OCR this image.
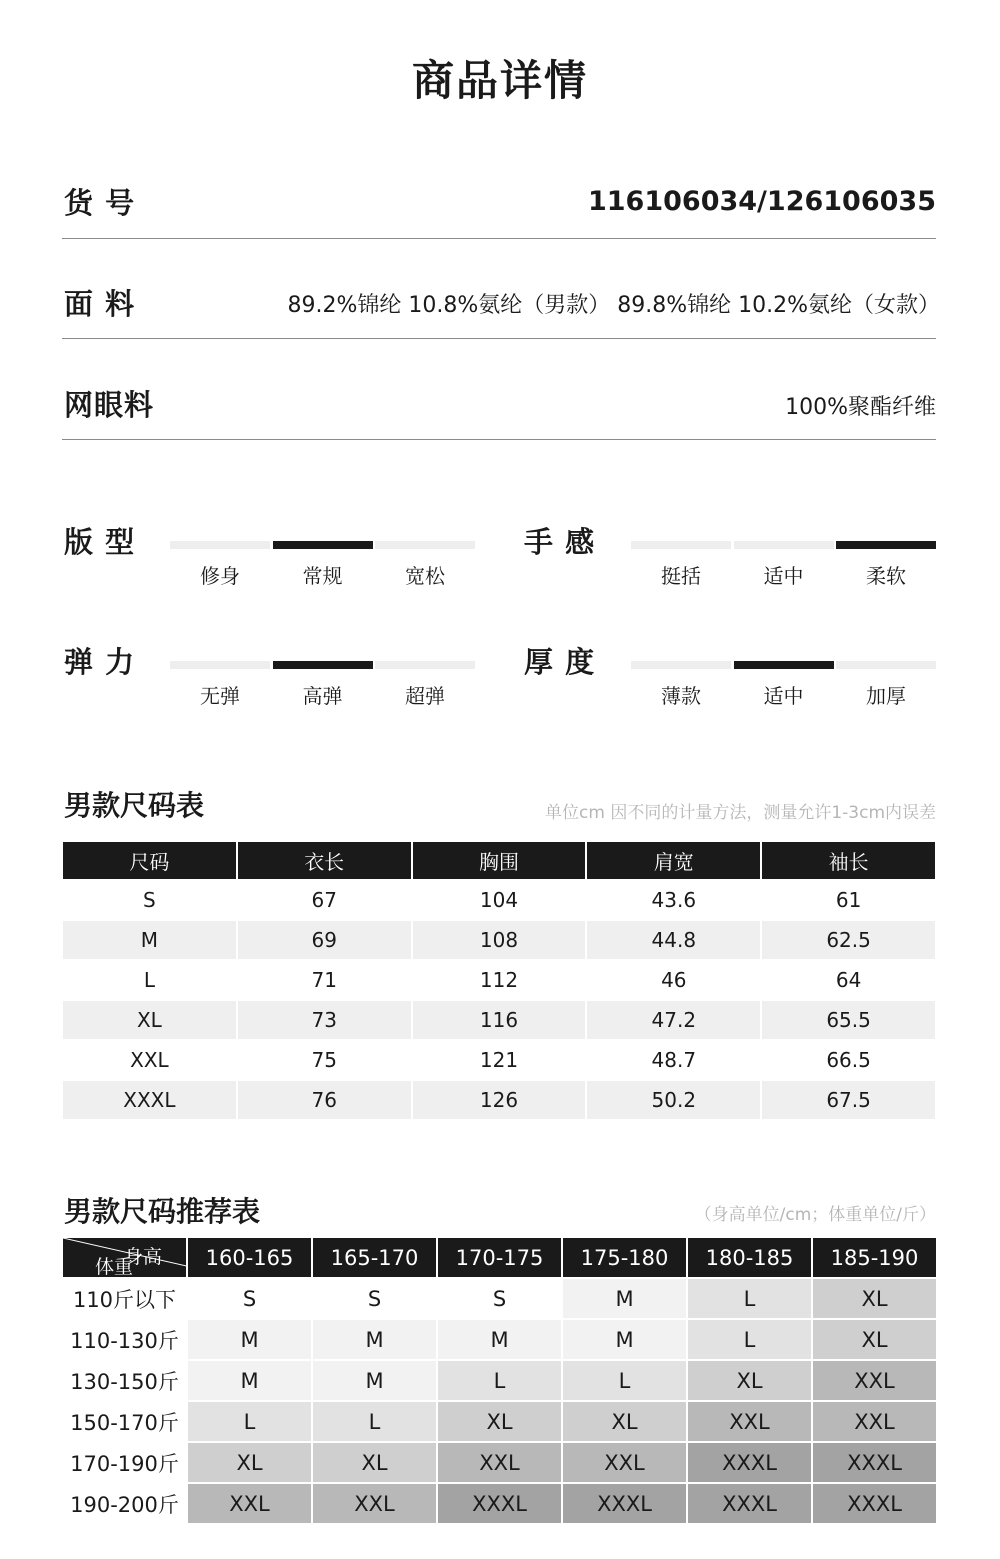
商品详情
货 号	116106034/126106035
面 料	89.2%锦纶 10.8%氨纶（男款） 89.8%锦纶 10.2%氨纶（女款）
网眼料	100%聚酯纤维
版 型
修身	常规	宽松
手 感
挺括	适中	柔软
弹 力
无弹	高弹	超弹
厚 度
薄款	适中	加厚
男款尺码表	单位cm 因不同的计量方法，测量允许1-3cm内误差
尺码	衣长	胸围	肩宽	袖长
S	67	104	43.6	61
M	69	108	44.8	62.5
L	71	112	46	64
XL	73	116	47.2	65.5
XXL	75	121	48.7	66.5
XXXL	76	126	50.2	67.5
男款尺码推荐表	（身高单位/cm；体重单位/斤）
体重
身高	160-165	165-170	170-175	175-180	180-185	185-190
110斤以下	S	S	S	M	L	XL
110-130斤	M	M	M	M	L	XL
130-150斤	M	M	L	L	XL	XXL
150-170斤	L	L	XL	XL	XXL	XXL
170-190斤	XL	XL	XXL	XXL	XXXL	XXXL
190-200斤	XXL	XXL	XXXL	XXXL	XXXL	XXXL
